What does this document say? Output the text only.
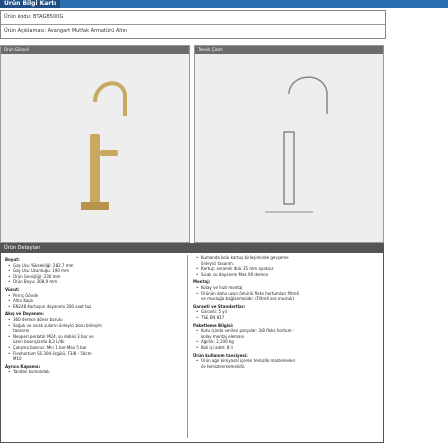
Ürün Bilgi Kartı
Ürün kodu: BTAGB500G
Ürün Açıklaması: Avangart Mutfak Armatürü Altın
Ürün Görseli	Teknik Çizim
Ürün Detayları
Boyut:
• Gaş Ucu Yüksekliği: 282,7 mm
• Gaş Ucu Uzunluğu: 190 mm
• Ürün Genişliği: 230 mm
• Ürün Boyu: 308,9 mm
Vücut:
• Pirinç Gövde
• Altın Kaplı
• EN248 Kartuşun dayanımı 200 saat tuz
Akış ve Dayanım:
• 360 derece döner borulu
• Soğuk ve sıcak suların önleyici boru birleşim
tasarımı
• Neoperl perlatör M24, su debisi 3 bar ve
üzeri basınçlarda 8,3 L/dk
• Çalışma basıncı: Min 1 bar-Max 5 bar
• Flexhortum SS 304 örgülü, F3/8 - 50cm
M10
Ayrıca Kapama:
• Yandan kumandalı
• Kumanda kolu kartuş birleşiminde gevşeme
önleyici tasarım.
• Kartuş: seramik disk 35 mm ayaksız
• Sıcak su dayanımı Max 90 derece
Montaj:
• Kolay ve hızlı montaj
• Ürünün daha uzun ömürlü fleks hortumları filtreli
ve musluğa bağlanmalıdır. (Filtreli ara musluk)
Garanti ve Standartlar:
• Garanti: 5 yıl
• TSE EN 817
Paketleme Bilgisi:
• Kutu içinde verilen parçalar: 3/8 fleks hortum -
kolay montaj elemanı
• Ağırlık: 2,100 kg
• Koli içi adet: 8 li
Ürün kullanım tavsiyesi:
• Ürün ağır kimyasal içeren temizlik malzemeleri
ile temizlenmemelidir.
